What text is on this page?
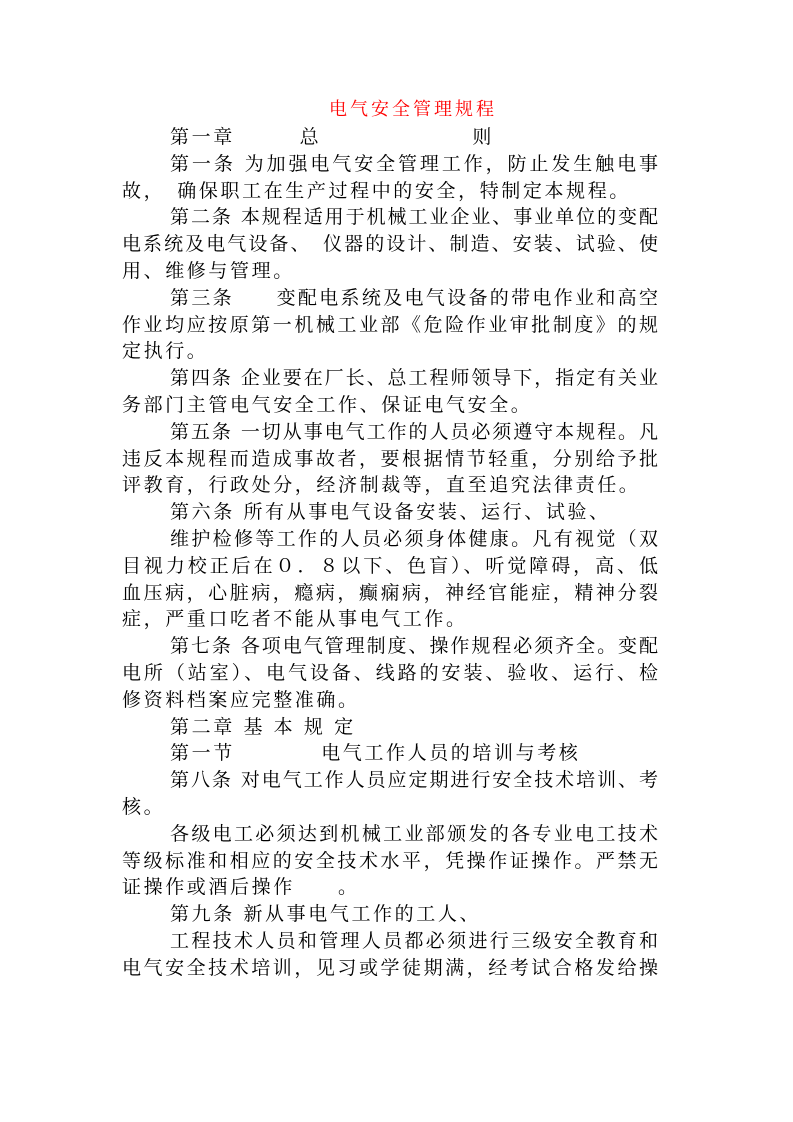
电气安全管理规程
第一章　　　总　　　　　　　则
第一条 为加强电气安全管理工作，防止发生触电事
故，　确保职工在生产过程中的安全，特制定本规程。
第二条 本规程适用于机械工业企业、事业单位的变配
电系统及电气设备、　仪器的设计、制造、安装、试验、使
用、维修与管理。
第三条　　变配电系统及电气设备的带电作业和高空
作业均应按原第一机械工业部《危险作业审批制度》的规
定执行。
第四条 企业要在厂长、总工程师领导下，指定有关业
务部门主管电气安全工作、保证电气安全。
第五条 一切从事电气工作的人员必须遵守本规程。凡
违反本规程而造成事故者，要根据情节轻重，分别给予批
评教育，行政处分，经济制裁等，直至追究法律责任。
第六条 所有从事电气设备安装、运行、试验、
维护检修等工作的人员必须身体健康。凡有视觉（双
目视力校正后在０．８以下、色盲）、听觉障碍，高、低
血压病，心脏病，瘾病，癫痫病，神经官能症，精神分裂
症，严重口吃者不能从事电气工作。
第七条 各项电气管理制度、操作规程必须齐全。变配
电所（站室）、电气设备、线路的安装、验收、运行、检
修资料档案应完整准确。
第二章 基 本 规 定
第一节　　　　电气工作人员的培训与考核
第八条 对电气工作人员应定期进行安全技术培训、考
核。
各级电工必须达到机械工业部颁发的各专业电工技术
等级标准和相应的安全技术水平，凭操作证操作。严禁无
证操作或酒后操作　　。
第九条 新从事电气工作的工人、
工程技术人员和管理人员都必须进行三级安全教育和
电气安全技术培训，见习或学徒期满，经考试合格发给操
